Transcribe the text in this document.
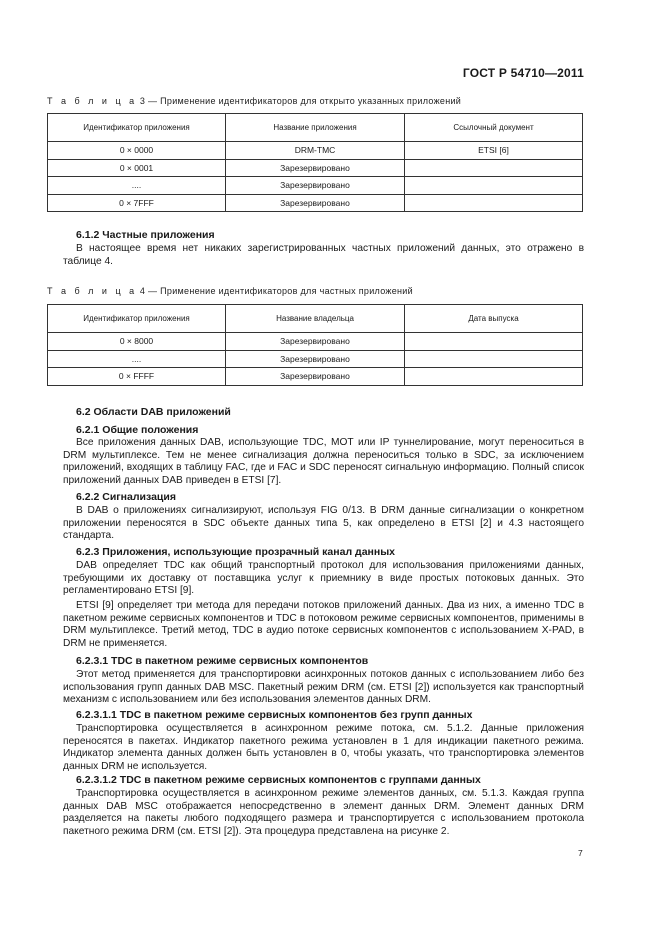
ГОСТ Р 54710—2011
Т а б л и ц а 3 — Применение идентификаторов для открыто указанных приложений
Идентификатор приложения	Название приложения	Ссылочный документ
0 × 0000	DRM-TMC	ETSI [6]
0 × 0001	Зарезервировано	
....	Зарезервировано	
0 × 7FFF	Зарезервировано	
6.1.2 Частные приложения
В настоящее время нет никаких зарегистрированных частных приложений данных, это отражено в таблице 4.
Т а б л и ц а 4 — Применение идентификаторов для частных приложений
Идентификатор приложения	Название владельца	Дата выпуска
0 × 8000	Зарезервировано	
....	Зарезервировано	
0 × FFFF	Зарезервировано	
6.2 Области DAB приложений
6.2.1 Общие положения
Все приложения данных DAB, использующие TDC, MOT или IP туннелирование, могут переноситься в DRM мультиплексе. Тем не менее сигнализация должна переноситься только в SDC, за исключением приложений, входящих в таблицу FAC, где и FAC и SDC переносят сигнальную информацию. Полный список приложений данных DAB приведен в ETSI [7].
6.2.2 Сигнализация
В DAB о приложениях сигнализируют, используя FIG 0/13. В DRM данные сигнализации о конкретном приложении переносятся в SDC объекте данных типа 5, как определено в ETSI [2] и 4.3 настоящего стандарта.
6.2.3 Приложения, использующие прозрачный канал данных
DAB определяет TDC как общий транспортный протокол для использования приложениями данных, требующими их доставку от поставщика услуг к приемнику в виде простых потоковых данных. Это регламентировано ETSI [9].
ETSI [9] определяет три метода для передачи потоков приложений данных. Два из них, а именно TDC в пакетном режиме сервисных компонентов и TDC в потоковом режиме сервисных компонентов, применимы в DRM мультиплексе. Третий метод, TDC в аудио потоке сервисных компонентов с использованием X-PAD, в DRM не применяется.
6.2.3.1 TDC в пакетном режиме сервисных компонентов
Этот метод применяется для транспортировки асинхронных потоков данных с использованием либо без использования групп данных DAB MSC. Пакетный режим DRM (см. ETSI [2]) используется как транспортный механизм с использованием или без использования элементов данных DRM.
6.2.3.1.1 TDC в пакетном режиме сервисных компонентов без групп данных
Транспортировка осуществляется в асинхронном режиме потока, см. 5.1.2. Данные приложения переносятся в пакетах. Индикатор пакетного режима установлен в 1 для индикации пакетного режима. Индикатор элемента данных должен быть установлен в 0, чтобы указать, что транспортировка элементов данных DRM не используется.
6.2.3.1.2 TDC в пакетном режиме сервисных компонентов с группами данных
Транспортировка осуществляется в асинхронном режиме элементов данных, см. 5.1.3. Каждая группа данных DAB MSC отображается непосредственно в элемент данных DRM. Элемент данных DRM разделяется на пакеты любого подходящего размера и транспортируется с использованием протокола пакетного режима DRM (см. ETSI [2]). Эта процедура представлена на рисунке 2.
7
